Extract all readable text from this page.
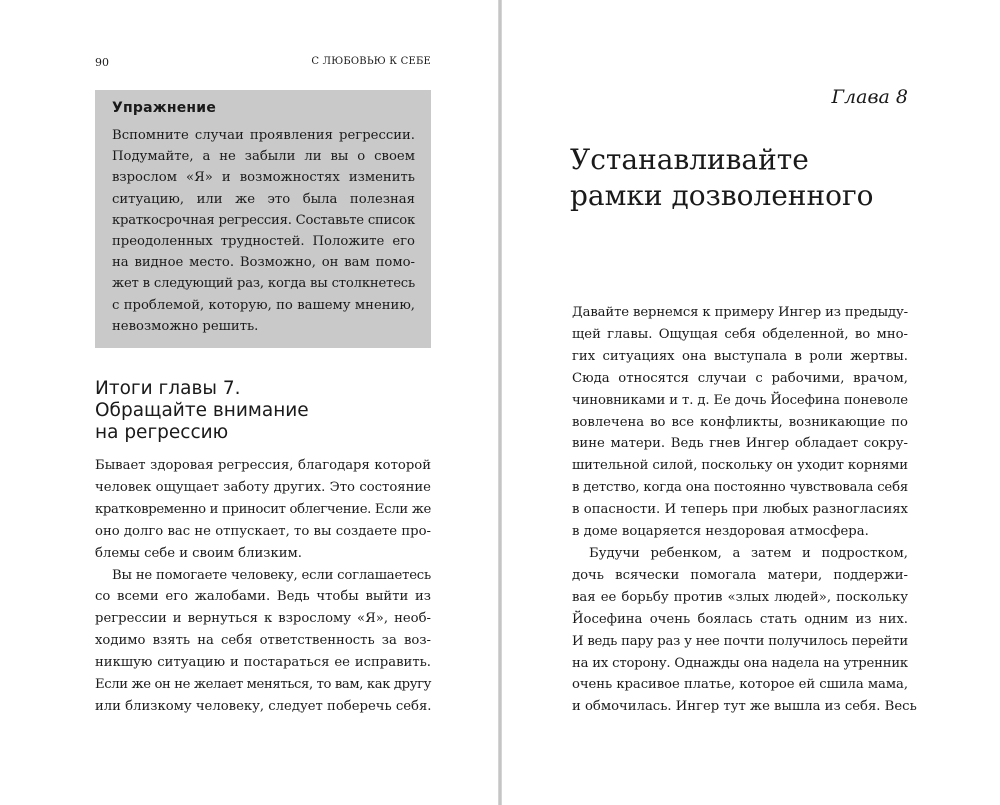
90	С ЛЮБОВЬЮ К СЕБЕ
Упражнение
Вспомните случаи проявления регрессии.
Подумайте, а не забыли ли вы о своем
взрослом «Я» и возможностях изменить
ситуацию, или же это была полезная
краткосрочная регрессия. Составьте список
преодоленных трудностей. Положите его
на видное место. Возможно, он вам помо-
жет в следующий раз, когда вы столкнетесь
с проблемой, которую, по вашему мнению,
невозможно решить.
Итоги главы 7.
Обращайте внимание
на регрессию

Бывает здоровая регрессия, благодаря которой
человек ощущает заботу других. Это состояние
кратковременно и приносит облегчение. Если же
оно долго вас не отпускает, то вы создаете про-
блемы себе и своим близким.

Вы не помогаете человеку, если соглашаетесь
со всеми его жалобами. Ведь чтобы выйти из
регрессии и вернуться к взрослому «Я», необ-
ходимо взять на себя ответственность за воз-
никшую ситуацию и постараться ее исправить.
Если же он не желает меняться, то вам, как другу
или близкому человеку, следует поберечь себя.

Глава 8
Устанавливайте
рамки дозволенного

Давайте вернемся к примеру Ингер из предыду-
щей главы. Ощущая себя обделенной, во мно-
гих ситуациях она выступала в роли жертвы.
Сюда относятся случаи с рабочими, врачом,
чиновниками и т. д. Ее дочь Йосефина поневоле
вовлечена во все конфликты, возникающие по
вине матери. Ведь гнев Ингер обладает сокру-
шительной силой, поскольку он уходит корнями
в детство, когда она постоянно чувствовала себя
в опасности. И теперь при любых разногласиях
в доме воцаряется нездоровая атмосфера.

Будучи ребенком, а затем и подростком,
дочь всячески помогала матери, поддержи-
вая ее борьбу против «злых людей», поскольку
Йосефина очень боялась стать одним из них.
И ведь пару раз у нее почти получилось перейти
на их сторону. Однажды она надела на утренник
очень красивое платье, которое ей сшила мама,
и обмочилась. Ингер тут же вышла из себя. Весь
